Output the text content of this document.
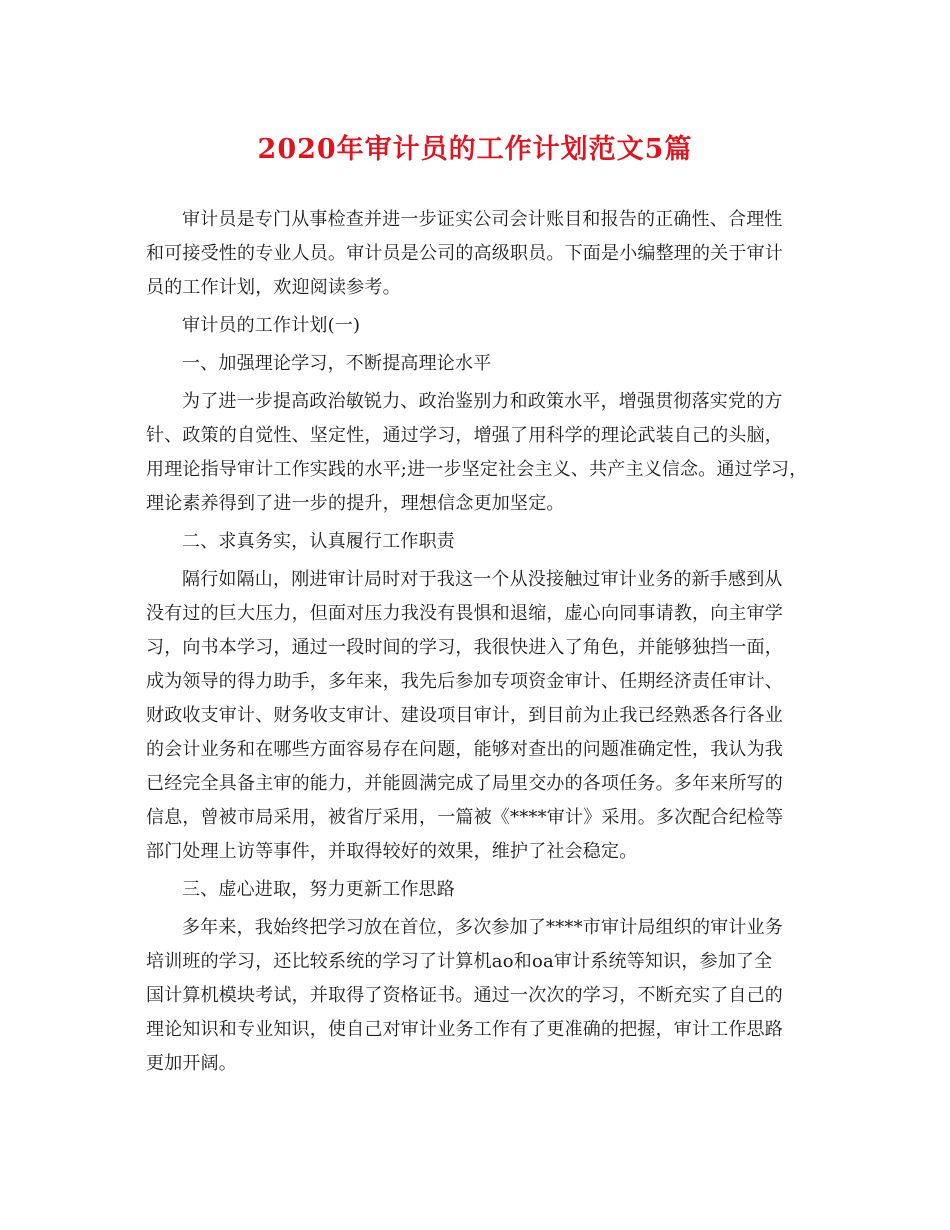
2020年审计员的工作计划范文5篇
审计员是专门从事检查并进一步证实公司会计账目和报告的正确性、合理性
和可接受性的专业人员。审计员是公司的高级职员。下面是小编整理的关于审计
员的工作计划，欢迎阅读参考。
审计员的工作计划(一)
一、加强理论学习，不断提高理论水平
为了进一步提高政治敏锐力、政治鉴别力和政策水平，增强贯彻落实党的方
针、政策的自觉性、坚定性，通过学习，增强了用科学的理论武装自己的头脑，
用理论指导审计工作实践的水平;进一步坚定社会主义、共产主义信念。通过学习，
理论素养得到了进一步的提升，理想信念更加坚定。
二、求真务实，认真履行工作职责
隔行如隔山，刚进审计局时对于我这一个从没接触过审计业务的新手感到从
没有过的巨大压力，但面对压力我没有畏惧和退缩，虚心向同事请教，向主审学
习，向书本学习，通过一段时间的学习，我很快进入了角色，并能够独挡一面，
成为领导的得力助手，多年来，我先后参加专项资金审计、任期经济责任审计、
财政收支审计、财务收支审计、建设项目审计，到目前为止我已经熟悉各行各业
的会计业务和在哪些方面容易存在问题，能够对查出的问题准确定性，我认为我
已经完全具备主审的能力，并能圆满完成了局里交办的各项任务。多年来所写的
信息，曾被市局采用，被省厅采用，一篇被《****审计》采用。多次配合纪检等
部门处理上访等事件，并取得较好的效果，维护了社会稳定。
三、虚心进取，努力更新工作思路
多年来，我始终把学习放在首位，多次参加了****市审计局组织的审计业务
培训班的学习，还比较系统的学习了计算机ao和oa审计系统等知识，参加了全
国计算机模块考试，并取得了资格证书。通过一次次的学习，不断充实了自己的
理论知识和专业知识，使自己对审计业务工作有了更准确的把握，审计工作思路
更加开阔。
